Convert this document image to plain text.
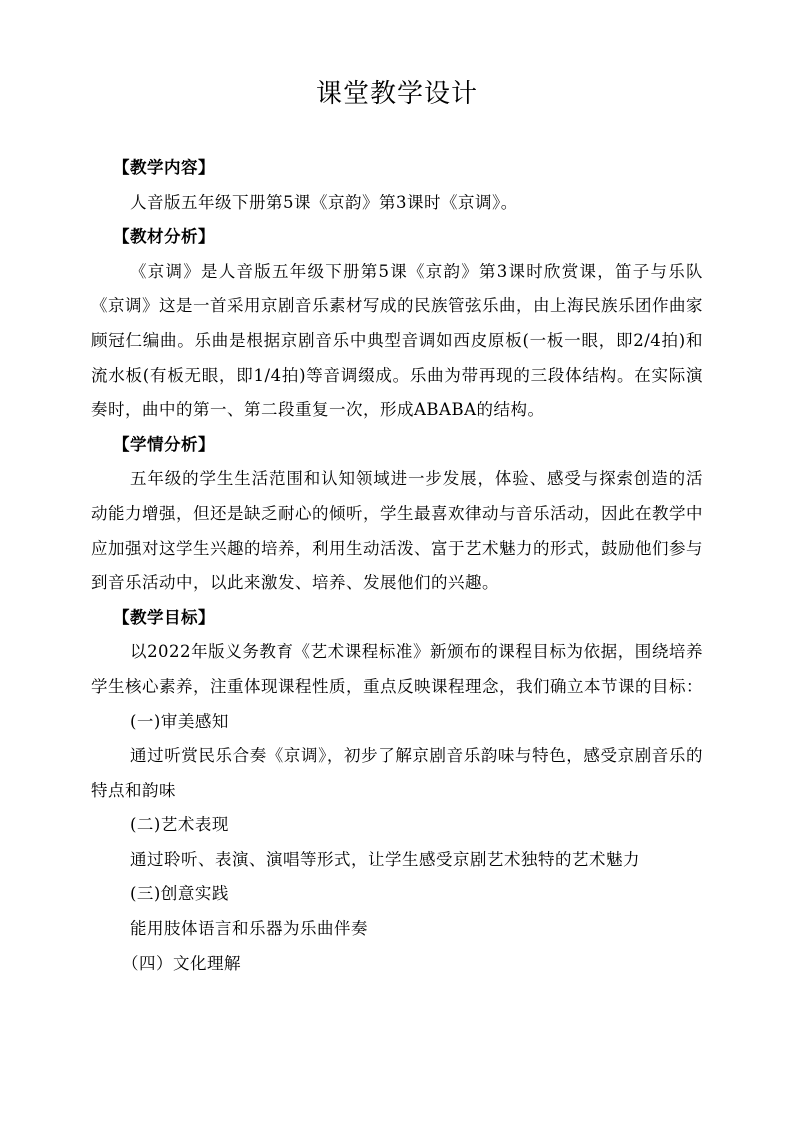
课堂教学设计

【教学内容】

人音版五年级下册第5课《京韵》第3课时《京调》。

【教材分析】

《京调》是人音版五年级下册第5课《京韵》第3课时欣赏课，笛子与乐队《京调》这是一首采用京剧音乐素材写成的民族管弦乐曲，由上海民族乐团作曲家顾冠仁编曲。乐曲是根据京剧音乐中典型音调如西皮原板(一板一眼，即2/4拍)和流水板(有板无眼，即1/4拍)等音调缀成。乐曲为带再现的三段体结构。在实际演奏时，曲中的第一、第二段重复一次，形成ABABA的结构。

【学情分析】

五年级的学生生活范围和认知领域进一步发展，体验、感受与探索创造的活动能力增强，但还是缺乏耐心的倾听，学生最喜欢律动与音乐活动，因此在教学中应加强对这学生兴趣的培养，利用生动活泼、富于艺术魅力的形式，鼓励他们参与到音乐活动中，以此来激发、培养、发展他们的兴趣。

【教学目标】

以2022年版义务教育《艺术课程标准》新颁布的课程目标为依据，围绕培养学生核心素养，注重体现课程性质，重点反映课程理念，我们确立本节课的目标：

(一)审美感知

通过听赏民乐合奏《京调》，初步了解京剧音乐韵味与特色，感受京剧音乐的特点和韵味

(二)艺术表现

通过聆听、表演、演唱等形式，让学生感受京剧艺术独特的艺术魅力

(三)创意实践

能用肢体语言和乐器为乐曲伴奏

（四）文化理解
